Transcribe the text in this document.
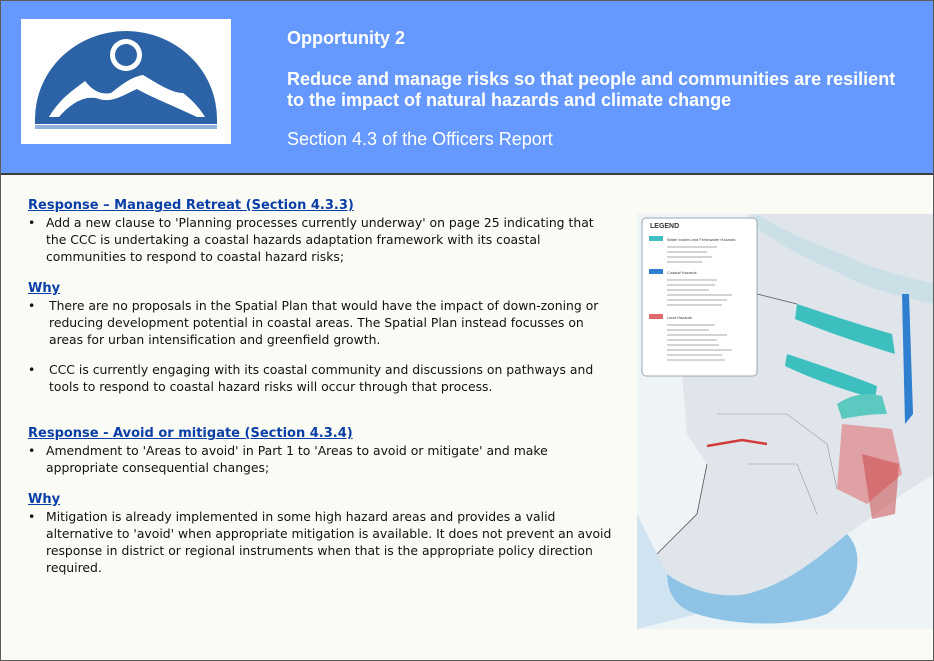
Opportunity 2
Reduce and manage risks so that people and communities are resilient to the impact of natural hazards and climate change
Section 4.3 of the Officers Report
Response – Managed Retreat (Section 4.3.3)
• Add a new clause to 'Planning processes currently underway' on page 25 indicating that the CCC is undertaking a coastal hazards adaptation framework with its coastal communities to respond to coastal hazard risks;
Why
• There are no proposals in the Spatial Plan that would have the impact of down-zoning or reducing development potential in coastal areas. The Spatial Plan instead focusses on areas for urban intensification and greenfield growth.
• CCC is currently engaging with its coastal community and discussions on pathways and tools to respond to coastal hazard risks will occur through that process.
Response - Avoid or mitigate (Section 4.3.4)
• Amendment to 'Areas to avoid' in Part 1 to 'Areas to avoid or mitigate' and make appropriate consequential changes;
Why
• Mitigation is already implemented in some high hazard areas and provides a valid alternative to 'avoid' when appropriate mitigation is available. It does not prevent an avoid response in district or regional instruments when that is the appropriate policy direction required.
LEGEND
Water bodies and Freshwater Hazards
Coastal Hazards
Land Hazards
